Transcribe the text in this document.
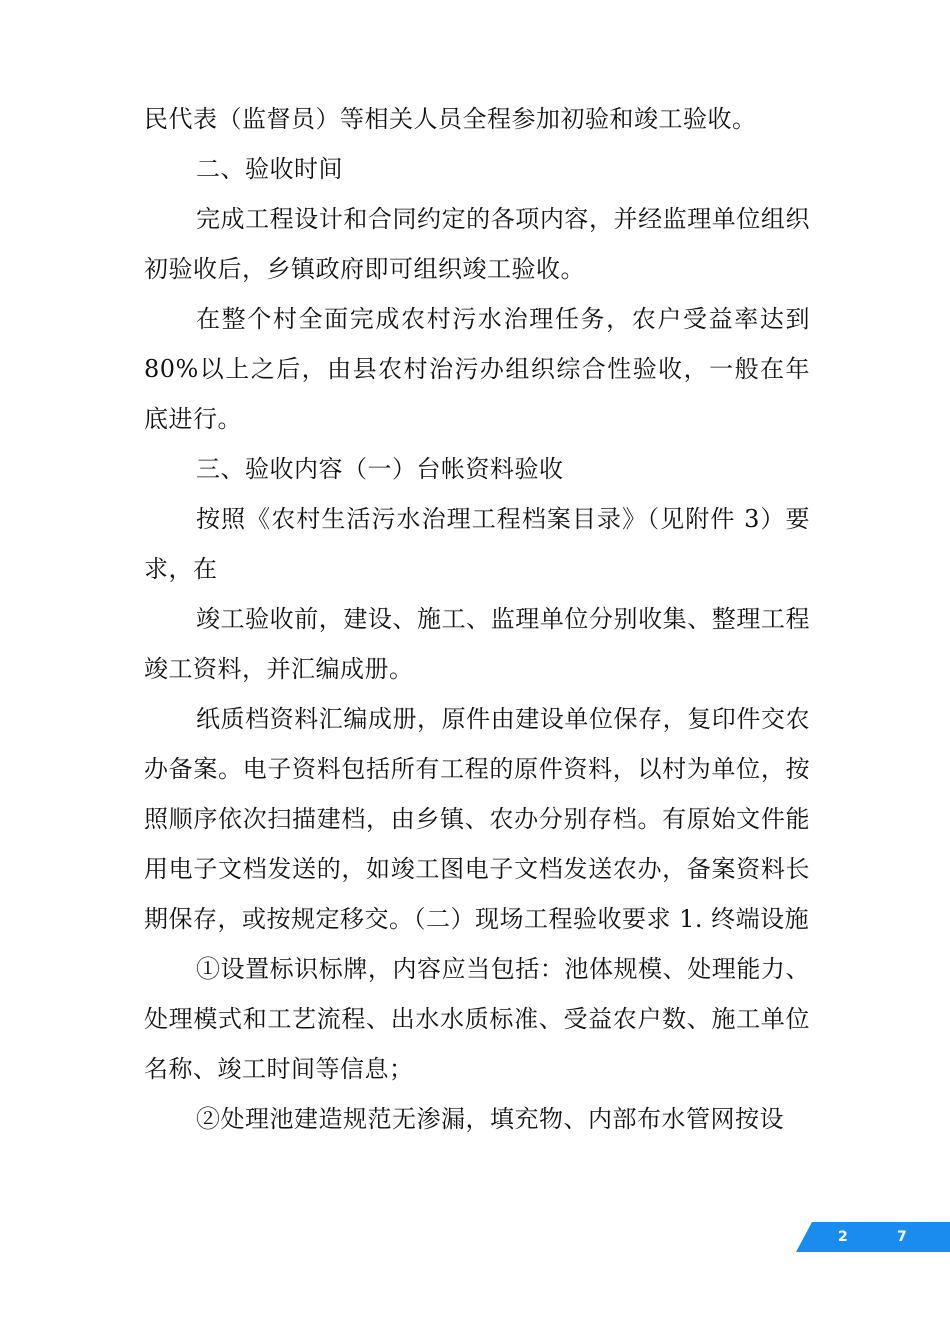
民代表（监督员）等相关人员全程参加初验和竣工验收。

二、验收时间

完成工程设计和合同约定的各项内容，并经监理单位组织初验收后，乡镇政府即可组织竣工验收。

在整个村全面完成农村污水治理任务，农户受益率达到80%以上之后，由县农村治污办组织综合性验收，一般在年底进行。

三、验收内容（一）台帐资料验收

按照《农村生活污水治理工程档案目录》（见附件 3）要求，在

竣工验收前，建设、施工、监理单位分别收集、整理工程竣工资料，并汇编成册。

纸质档资料汇编成册，原件由建设单位保存，复印件交农办备案。电子资料包括所有工程的原件资料，以村为单位，按照顺序依次扫描建档，由乡镇、农办分别存档。有原始文件能用电子文档发送的，如竣工图电子文档发送农办，备案资料长期保存，或按规定移交。（二）现场工程验收要求 1. 终端设施

①设置标识标牌，内容应当包括：池体规模、处理能力、处理模式和工艺流程、出水水质标准、受益农户数、施工单位名称、竣工时间等信息；

②处理池建造规范无渗漏，填充物、内部布水管网按设

2	7
